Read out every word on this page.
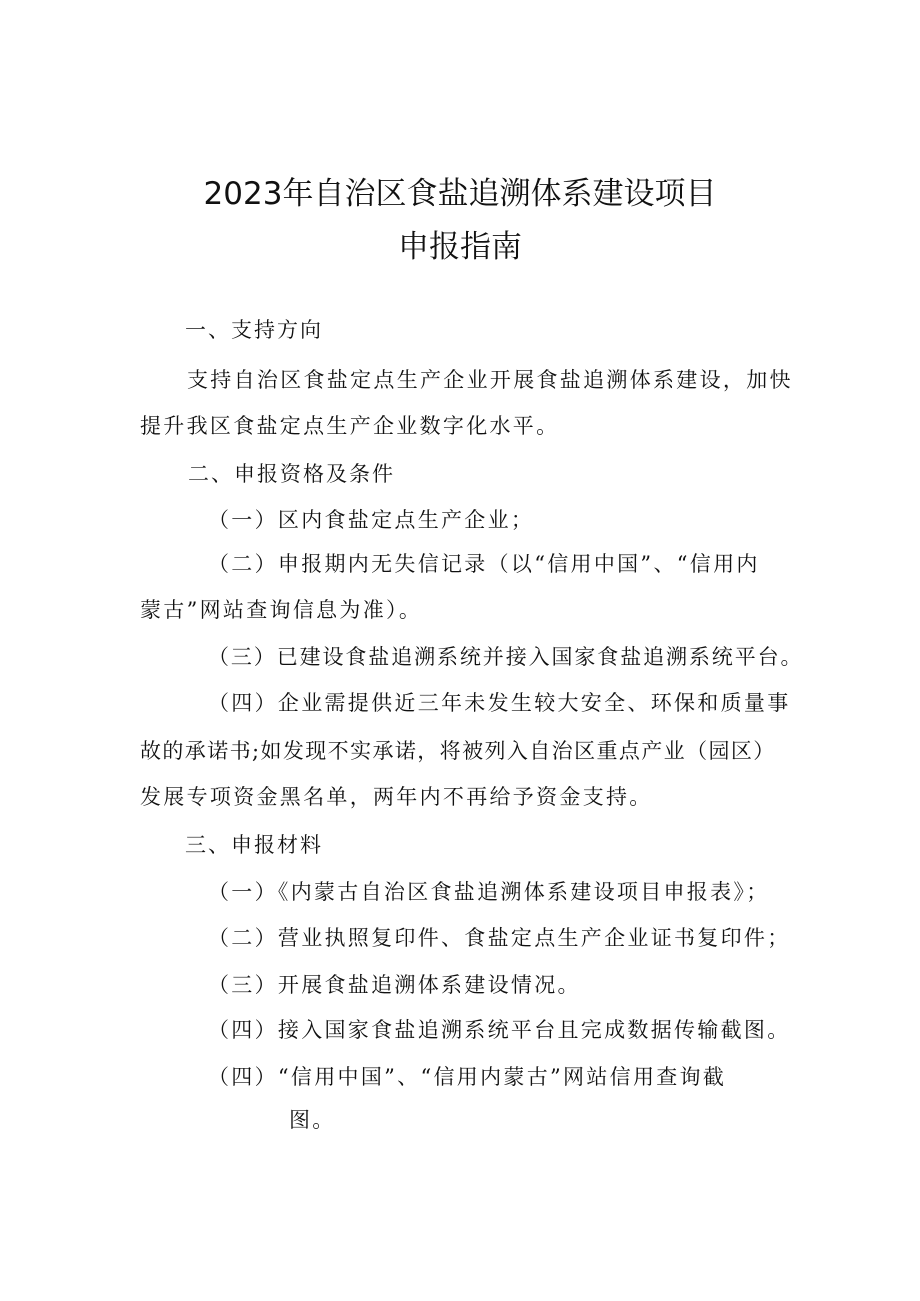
2023年自治区食盐追溯体系建设项目
申报指南
一、支持方向
支持自治区食盐定点生产企业开展食盐追溯体系建设，加快
提升我区食盐定点生产企业数字化水平。
二、申报资格及条件
（一）区内食盐定点生产企业；
（二）申报期内无失信记录（以“信用中国”、“信用内
蒙古”网站查询信息为准）。
（三）已建设食盐追溯系统并接入国家食盐追溯系统平台。
（四）企业需提供近三年未发生较大安全、环保和质量事
故的承诺书;如发现不实承诺，将被列入自治区重点产业（园区）
发展专项资金黑名单，两年内不再给予资金支持。
三、申报材料
（一）《内蒙古自治区食盐追溯体系建设项目申报表》；
（二）营业执照复印件、食盐定点生产企业证书复印件；
（三）开展食盐追溯体系建设情况。
（四）接入国家食盐追溯系统平台且完成数据传输截图。
（四）“信用中国”、“信用内蒙古”网站信用查询截
图。
